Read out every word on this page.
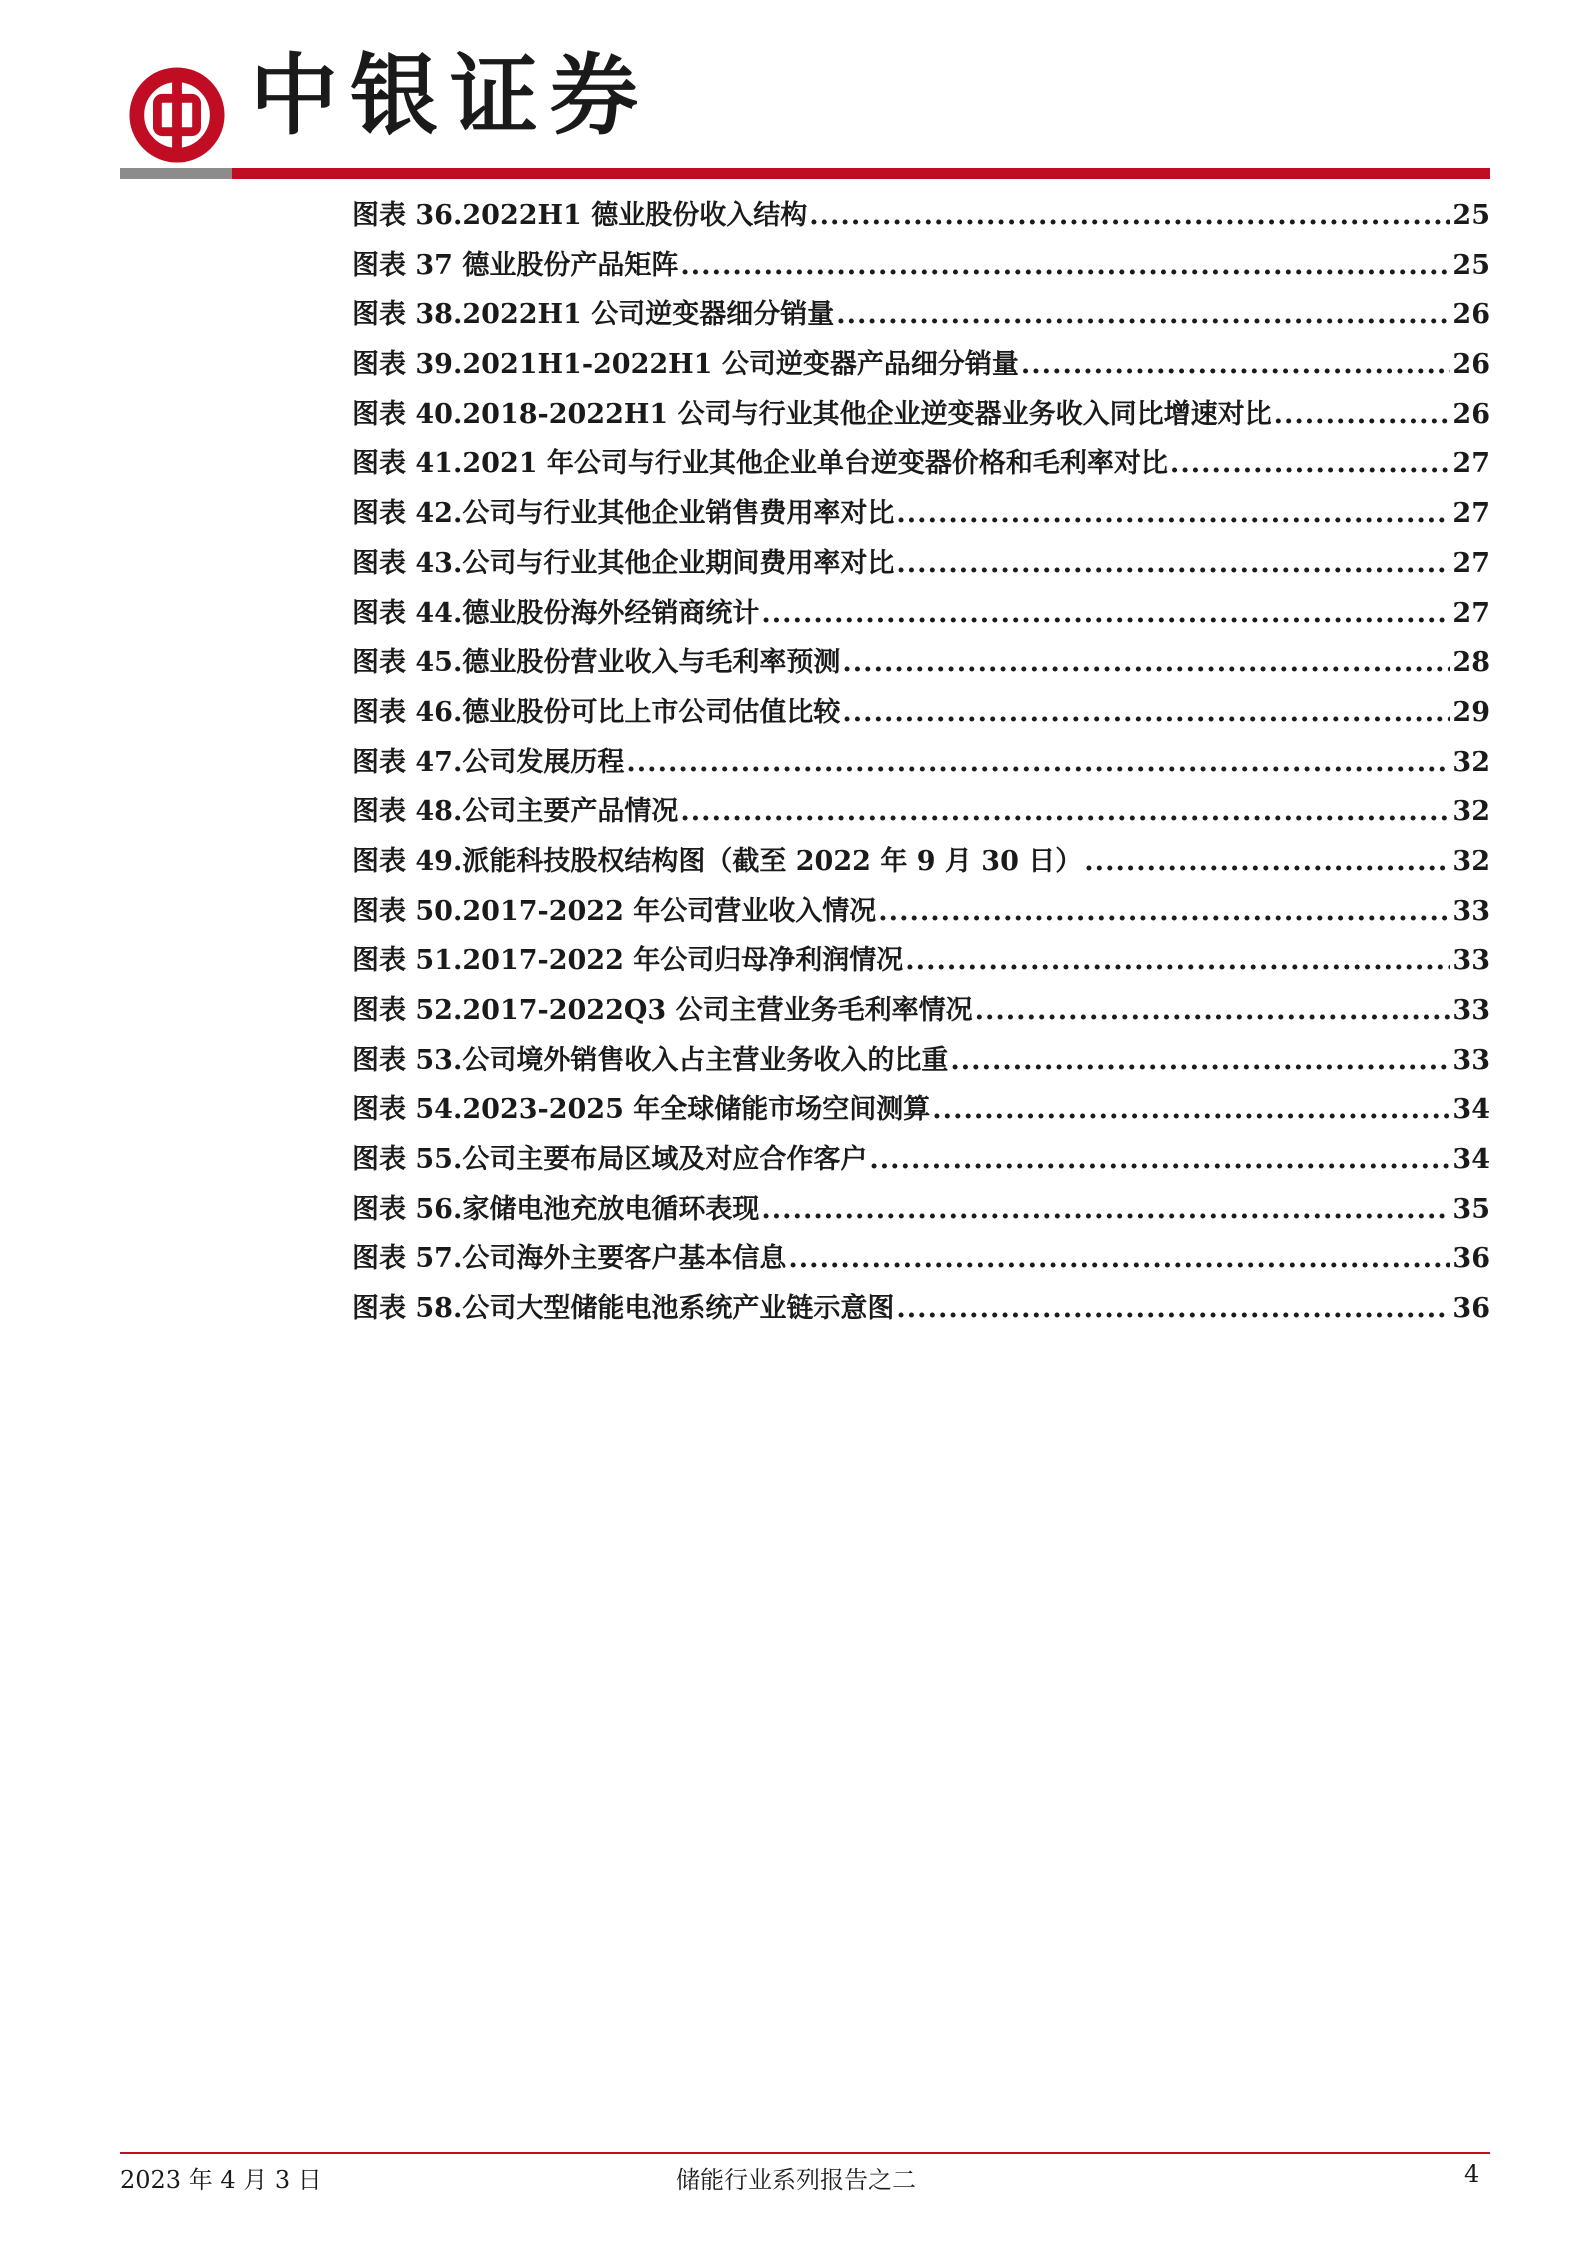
中银证券
图表 36.2022H1 德业股份收入结构 .....	25
图表 37 德业股份产品矩阵 .....	25
图表 38.2022H1 公司逆变器细分销量 .....	26
图表 39.2021H1-2022H1 公司逆变器产品细分销量 .....	26
图表 40.2018-2022H1 公司与行业其他企业逆变器业务收入同比增速对比 .....	26
图表 41.2021 年公司与行业其他企业单台逆变器价格和毛利率对比 .....	27
图表 42.公司与行业其他企业销售费用率对比 .....	27
图表 43.公司与行业其他企业期间费用率对比 .....	27
图表 44.德业股份海外经销商统计 .....	27
图表 45.德业股份营业收入与毛利率预测 .....	28
图表 46.德业股份可比上市公司估值比较 .....	29
图表 47.公司发展历程 .....	32
图表 48.公司主要产品情况 .....	32
图表 49.派能科技股权结构图（截至 2022 年 9 月 30 日） .....	32
图表 50.2017-2022 年公司营业收入情况 .....	33
图表 51.2017-2022 年公司归母净利润情况 .....	33
图表 52.2017-2022Q3 公司主营业务毛利率情况 .....	33
图表 53.公司境外销售收入占主营业务收入的比重 .....	33
图表 54.2023-2025 年全球储能市场空间测算 .....	34
图表 55.公司主要布局区域及对应合作客户 .....	34
图表 56.家储电池充放电循环表现 .....	35
图表 57.公司海外主要客户基本信息 .....	36
图表 58.公司大型储能电池系统产业链示意图 .....	36
2023 年 4 月 3 日	储能行业系列报告之二	4
